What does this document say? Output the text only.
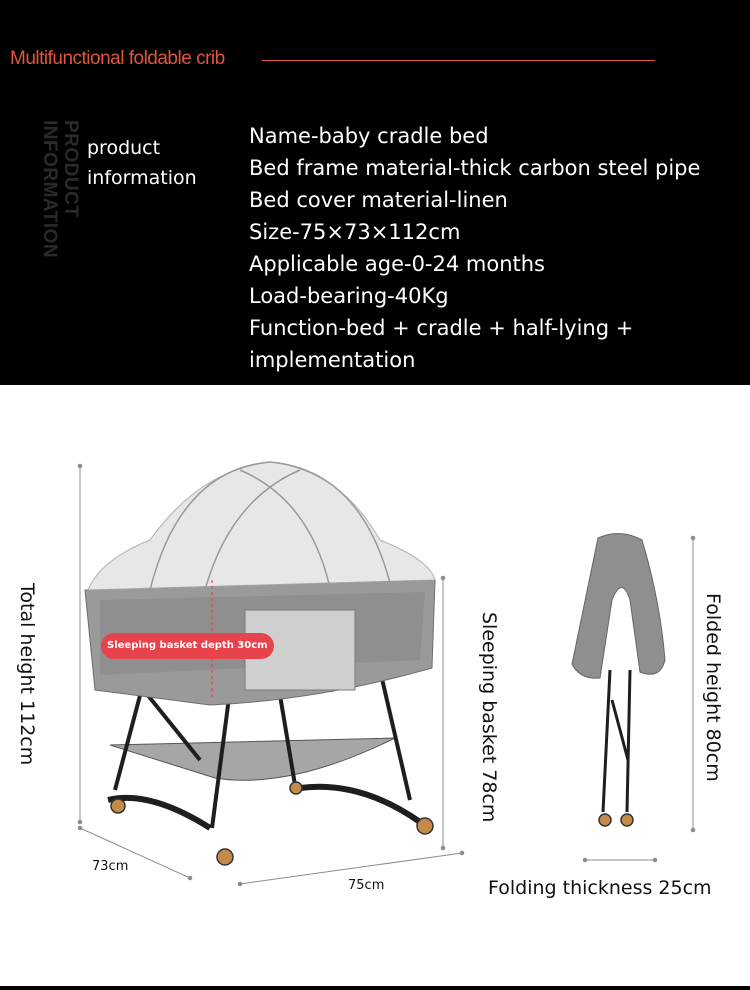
Multifunctional foldable crib
PRODUCT
INFORMATION product
information
Name-baby cradle bed
Bed frame material-thick carbon steel pipe
Bed cover material-linen
Size-75×73×112cm
Applicable age-0-24 months
Load-bearing-40Kg
Function-bed + cradle + half-lying +
implementation
Sleeping basket depth 30cm
Total height 112cm	Sleeping basket 78cm	Folded height 80cm
73cm
75cm	Folding thickness 25cm
